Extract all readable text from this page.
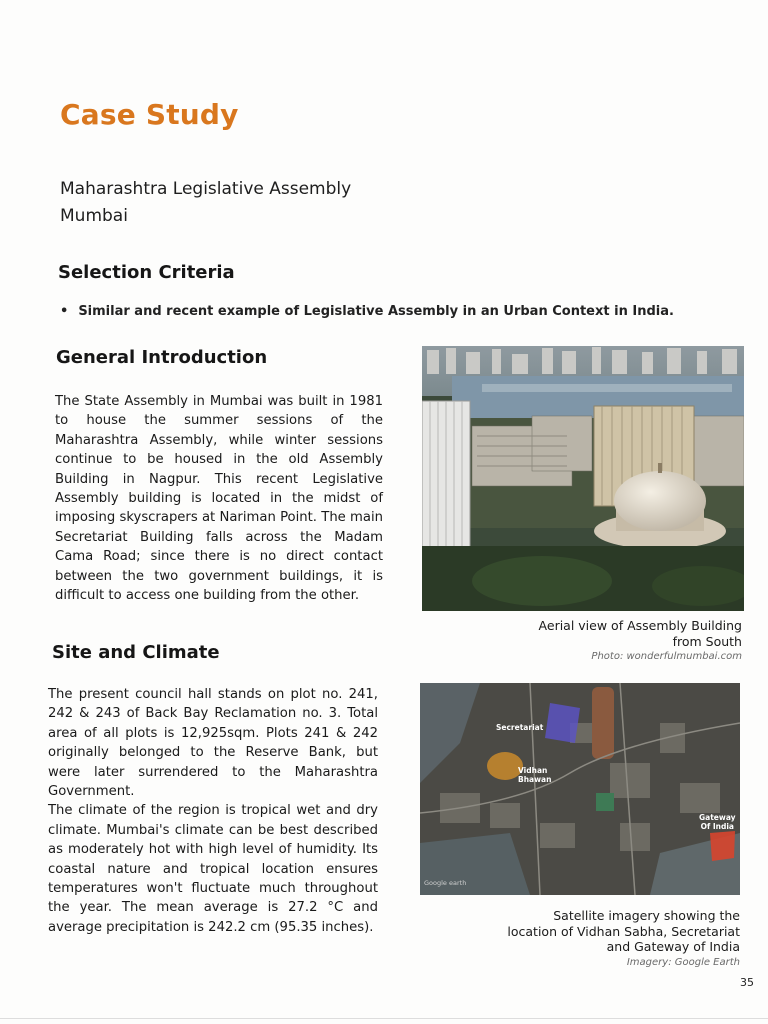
Case Study
Maharashtra Legislative Assembly
Mumbai
Selection Criteria
• Similar and recent example of Legislative Assembly in an Urban Context in India.
General Introduction
The State Assembly in Mumbai was built in 1981 to house the summer sessions of the Maharashtra Assembly, while winter sessions continue to be housed in the old Assembly Building in Nagpur. This recent Legislative Assembly building is located in the midst of imposing skyscrapers at Nariman Point. The main Secretariat Building falls across the Madam Cama Road; since there is no direct contact between the two government buildings, it is difficult to access one building from the other.
Site and Climate
The present council hall stands on plot no. 241, 242 & 243 of Back Bay Reclamation no. 3. Total area of all plots is 12,925sqm. Plots 241 & 242 originally belonged to the Reserve Bank, but were later surrendered to the Maharashtra Government.
The climate of the region is tropical wet and dry climate. Mumbai's climate can be best described as moderately hot with high level of humidity. Its coastal nature and tropical location ensures temperatures won't fluctuate much throughout the year. The mean average is 27.2 °C and average precipitation is 242.2 cm (95.35 inches).
Aerial view of Assembly Building
from South
Photo: wonderfulmumbai.com
Secretariat
Vidhan
Bhawan
Gateway
Of India
Google earth
Satellite imagery showing the
location of Vidhan Sabha, Secretariat
and Gateway of India
Imagery: Google Earth
35
